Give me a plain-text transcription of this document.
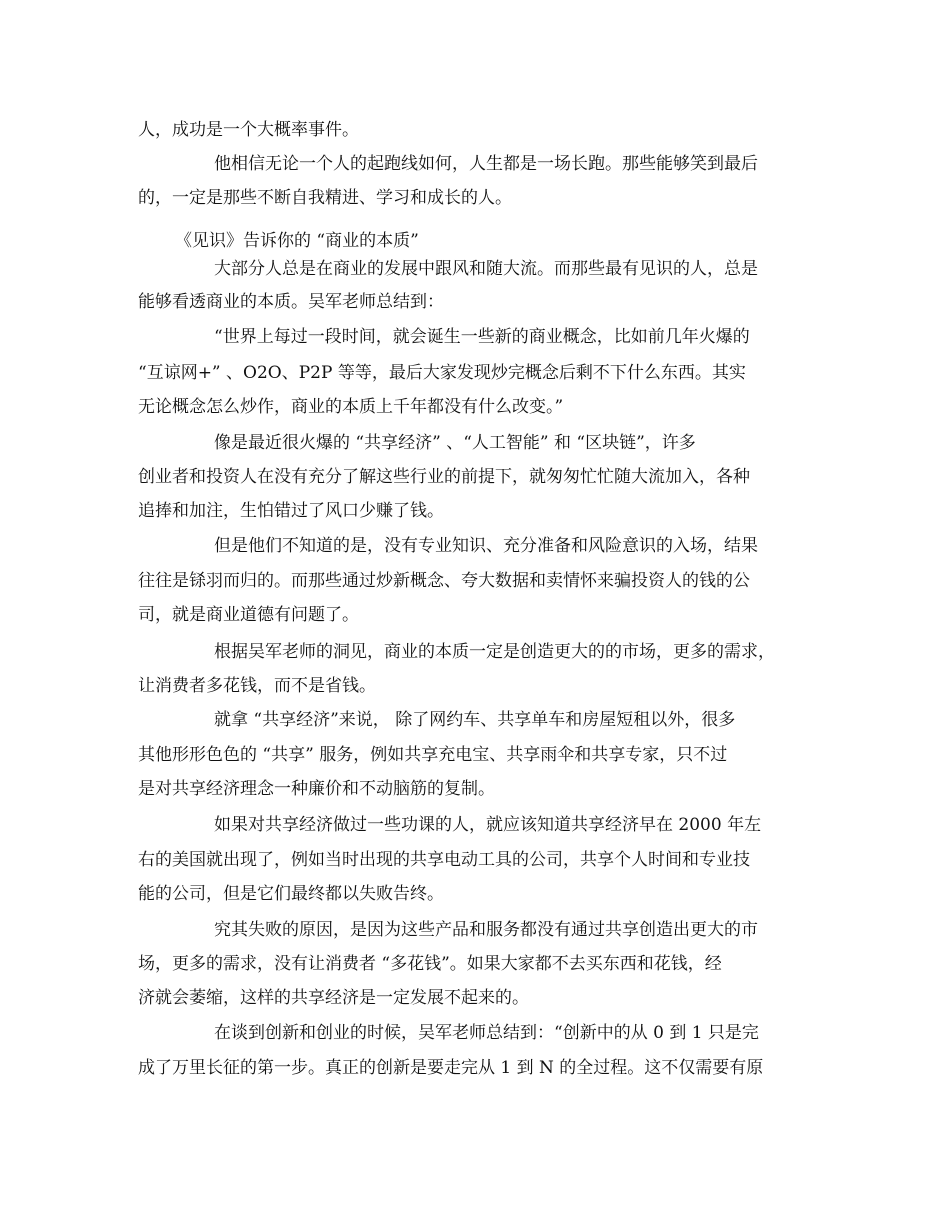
人，成功是一个大概率事件。
他相信无论一个人的起跑线如何，人生都是一场长跑。那些能够笑到最后
的，一定是那些不断自我精进、学习和成长的人。
《见识》告诉你的 “商业的本质”
大部分人总是在商业的发展中跟风和随大流。而那些最有见识的人，总是
能够看透商业的本质。吴军老师总结到：
“世界上每过一段时间，就会诞生一些新的商业概念，比如前几年火爆的
“互谅网+” 、O2O、P2P 等等，最后大家发现炒完概念后剩不下什么东西。其实
无论概念怎么炒作，商业的本质上千年都没有什么改变。”
像是最近很火爆的 “共享经济” 、“人工智能” 和 “区块链”，许多
创业者和投资人在没有充分了解这些行业的前提下，就匆匆忙忙随大流加入，各种
追捧和加注，生怕错过了风口少赚了钱。
但是他们不知道的是，没有专业知识、充分准备和风险意识的入场，结果
往往是铩羽而归的。而那些通过炒新概念、夸大数据和卖情怀来骗投资人的钱的公
司，就是商业道德有问题了。
根据吴军老师的洞见，商业的本质一定是创造更大的的市场，更多的需求，
让消费者多花钱，而不是省钱。
就拿 “共享经济”来说， 除了网约车、共享单车和房屋短租以外，很多
其他形形色色的 “共享” 服务，例如共享充电宝、共享雨伞和共享专家，只不过
是对共享经济理念一种廉价和不动脑筋的复制。
如果对共享经济做过一些功课的人，就应该知道共享经济早在 2000 年左
右的美国就出现了，例如当时出现的共享电动工具的公司，共享个人时间和专业技
能的公司，但是它们最终都以失败告终。
究其失败的原因，是因为这些产品和服务都没有通过共享创造出更大的市
场，更多的需求，没有让消费者 “多花钱”。如果大家都不去买东西和花钱，经
济就会萎缩，这样的共享经济是一定发展不起来的。
在谈到创新和创业的时候，吴军老师总结到：“创新中的从 0 到 1 只是完
成了万里长征的第一步。真正的创新是要走完从 1 到 N 的全过程。这不仅需要有原
